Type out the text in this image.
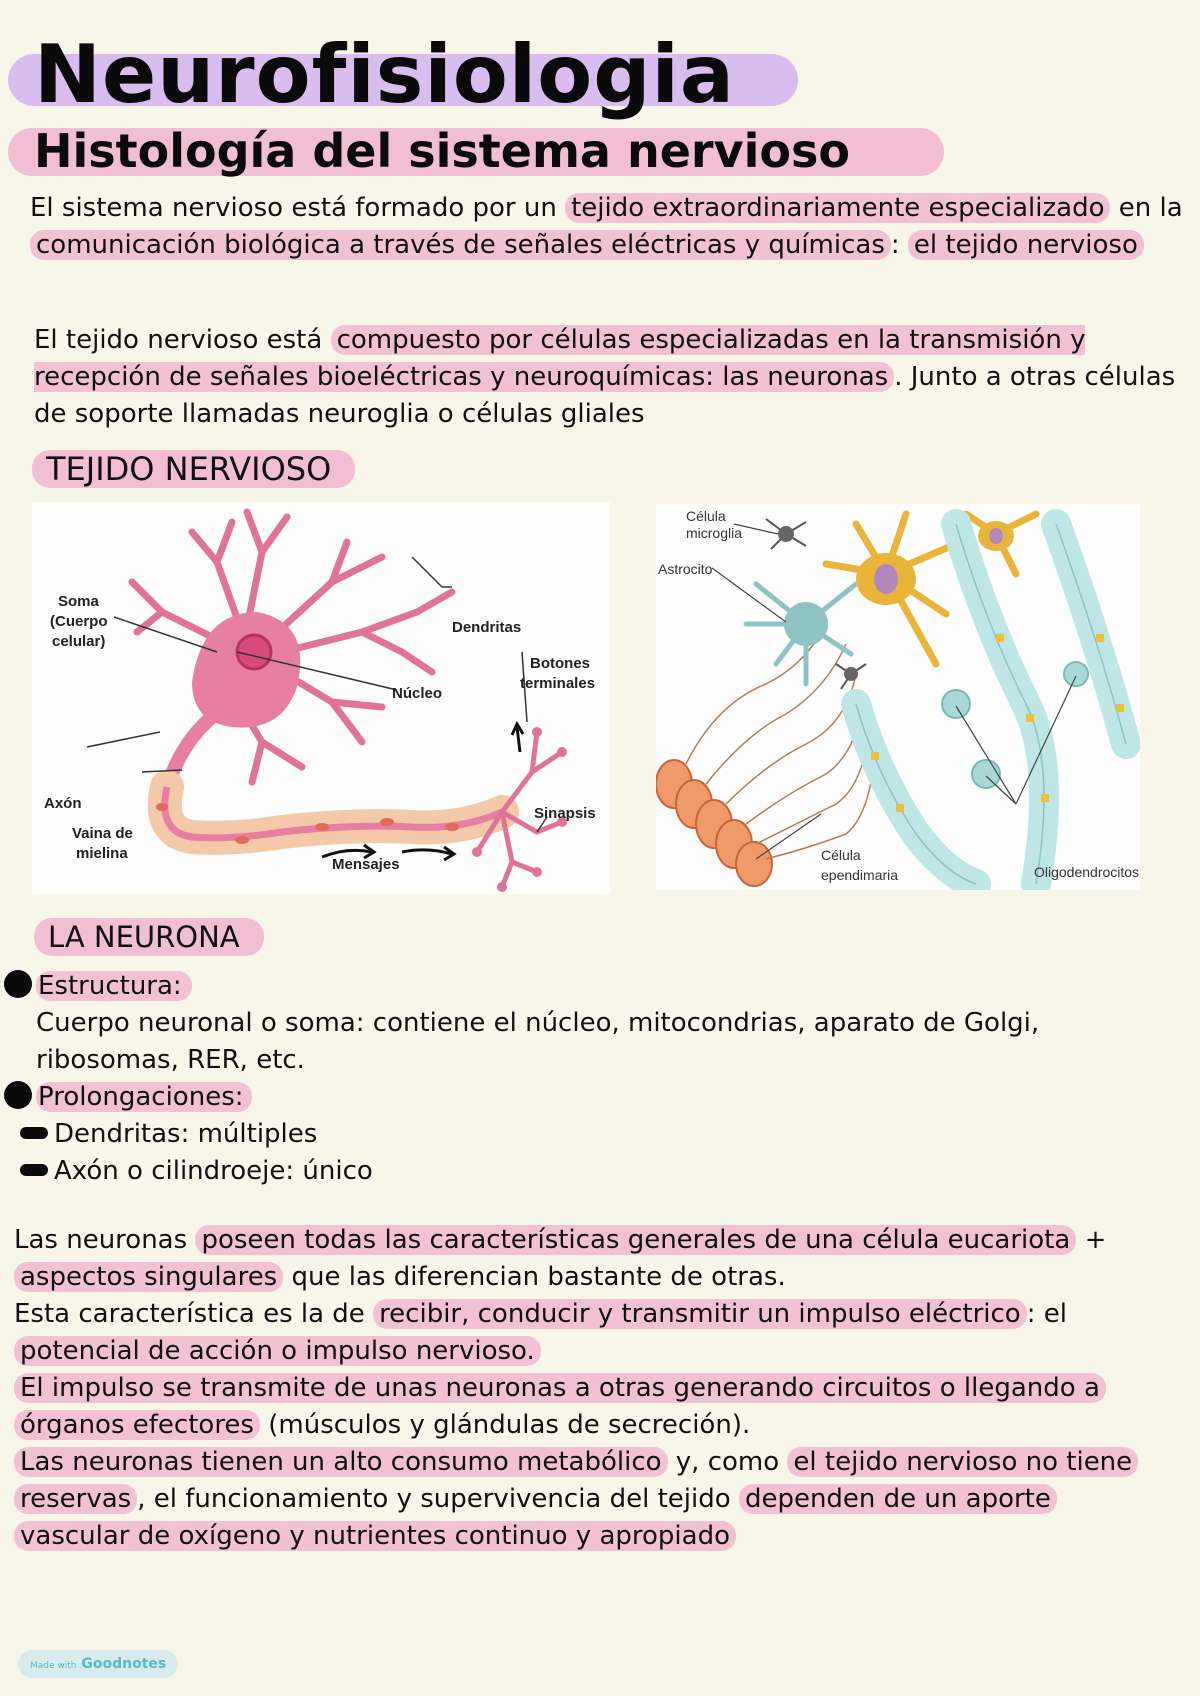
Neurofisiologia
Histología del sistema nervioso
El sistema nervioso está formado por un tejido extraordinariamente especializado en la comunicación biológica a través de señales eléctricas y químicas : el tejido nervioso
El tejido nervioso está compuesto por células especializadas en la transmisión y recepción de señales bioeléctricas y neuroquímicas: las neuronas . Junto a otras células de soporte llamadas neuroglia o células gliales
TEJIDO NERVIOSO
Soma
(Cuerpo
celular)
Dendritas
Núcleo
Botones
terminales
Axón
Vaina de
mielina
Sinapsis
Mensajes
Célula
microglia
Astrocito
Célula
ependimaria	Oligodendrocitos
LA NEURONA
Estructura:
Cuerpo neuronal o soma: contiene el núcleo, mitocondrias, aparato de Golgi,
ribosomas, RER, etc.
Prolongaciones:
Dendritas: múltiples
Axón o cilindroeje: único
Las neuronas poseen todas las características generales de una célula eucariota +
aspectos singulares que las diferencian bastante de otras.
Esta característica es la de recibir, conducir y transmitir un impulso eléctrico : el
potencial de acción o impulso nervioso.
El impulso se transmite de unas neuronas a otras generando circuitos o llegando a
órganos efectores (músculos y glándulas de secreción).
Las neuronas tienen un alto consumo metabólico y, como el tejido nervioso no tiene
reservas , el funcionamiento y supervivencia del tejido dependen de un aporte
vascular de oxígeno y nutrientes continuo y apropiado
Made with Goodnotes
